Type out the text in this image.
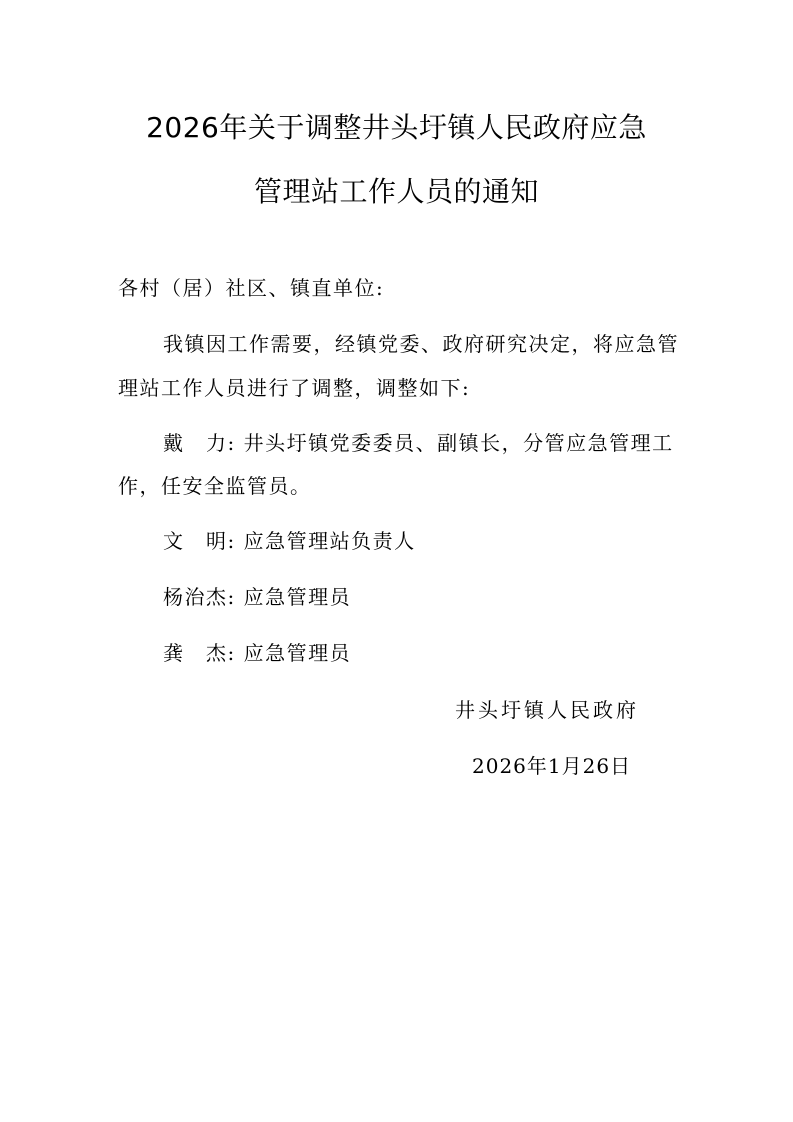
2026年关于调整井头圩镇人民政府应急
管理站工作人员的通知
各村（居）社区、镇直单位:
我镇因工作需要，经镇党委、政府研究决定，将应急管
理站工作人员进行了调整，调整如下:
戴　力: 井头圩镇党委委员、副镇长，分管应急管理工
作，任安全监管员。
文　明: 应急管理站负责人
杨治杰: 应急管理员
龚　杰: 应急管理员
井头圩镇人民政府
2026年1月26日
